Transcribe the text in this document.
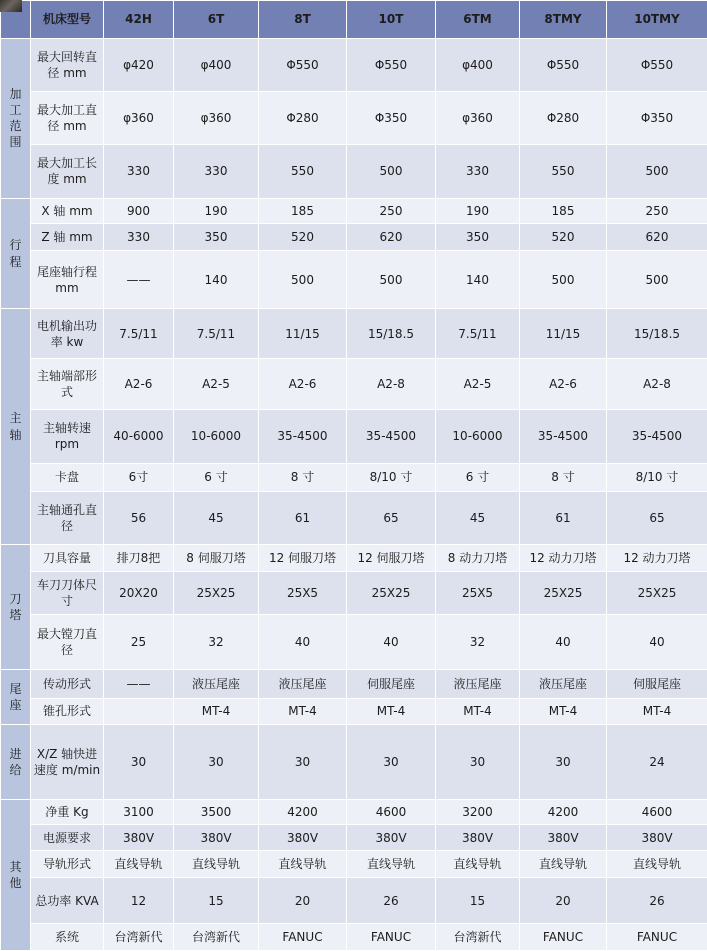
	机床型号	42H	6T	8T	10T	6TM	8TMY	10TMY
加工范围	最大回转直径 mm	φ420	φ400	Φ550	Φ550	φ400	Φ550	Φ550
	最大加工直径 mm	φ360	φ360	Φ280	Φ350	φ360	Φ280	Φ350
	最大加工长度 mm	330	330	550	500	330	550	500
行程	X 轴 mm	900	190	185	250	190	185	250
	Z 轴 mm	330	350	520	620	350	520	620
	尾座轴行程 mm	——	140	500	500	140	500	500
主轴	电机输出功率 kw	7.5/11	7.5/11	11/15	15/18.5	7.5/11	11/15	15/18.5
	主轴端部形式	A2-6	A2-5	A2-6	A2-8	A2-5	A2-6	A2-8
	主轴转速 rpm	40-6000	10-6000	35-4500	35-4500	10-6000	35-4500	35-4500
	卡盘	6寸	6 寸	8 寸	8/10 寸	6 寸	8 寸	8/10 寸
	主轴通孔直径	56	45	61	65	45	61	65
刀塔	刀具容量	排刀8把	8 伺服刀塔	12 伺服刀塔	12 伺服刀塔	8 动力刀塔	12 动力刀塔	12 动力刀塔
	车刀刀体尺寸	20X20	25X25	25X5	25X25	25X5	25X25	25X25
	最大镗刀直径	25	32	40	40	32	40	40
尾座	传动形式	——	液压尾座	液压尾座	伺服尾座	液压尾座	液压尾座	伺服尾座
	锥孔形式		MT-4	MT-4	MT-4	MT-4	MT-4	MT-4
进给	X/Z 轴快进速度 m/min	30	30	30	30	30	30	24
其他	净重 Kg	3100	3500	4200	4600	3200	4200	4600
	电源要求	380V	380V	380V	380V	380V	380V	380V
	导轨形式	直线导轨	直线导轨	直线导轨	直线导轨	直线导轨	直线导轨	直线导轨
	总功率 KVA	12	15	20	26	15	20	26
	系统	台湾新代	台湾新代	FANUC	FANUC	台湾新代	FANUC	FANUC
